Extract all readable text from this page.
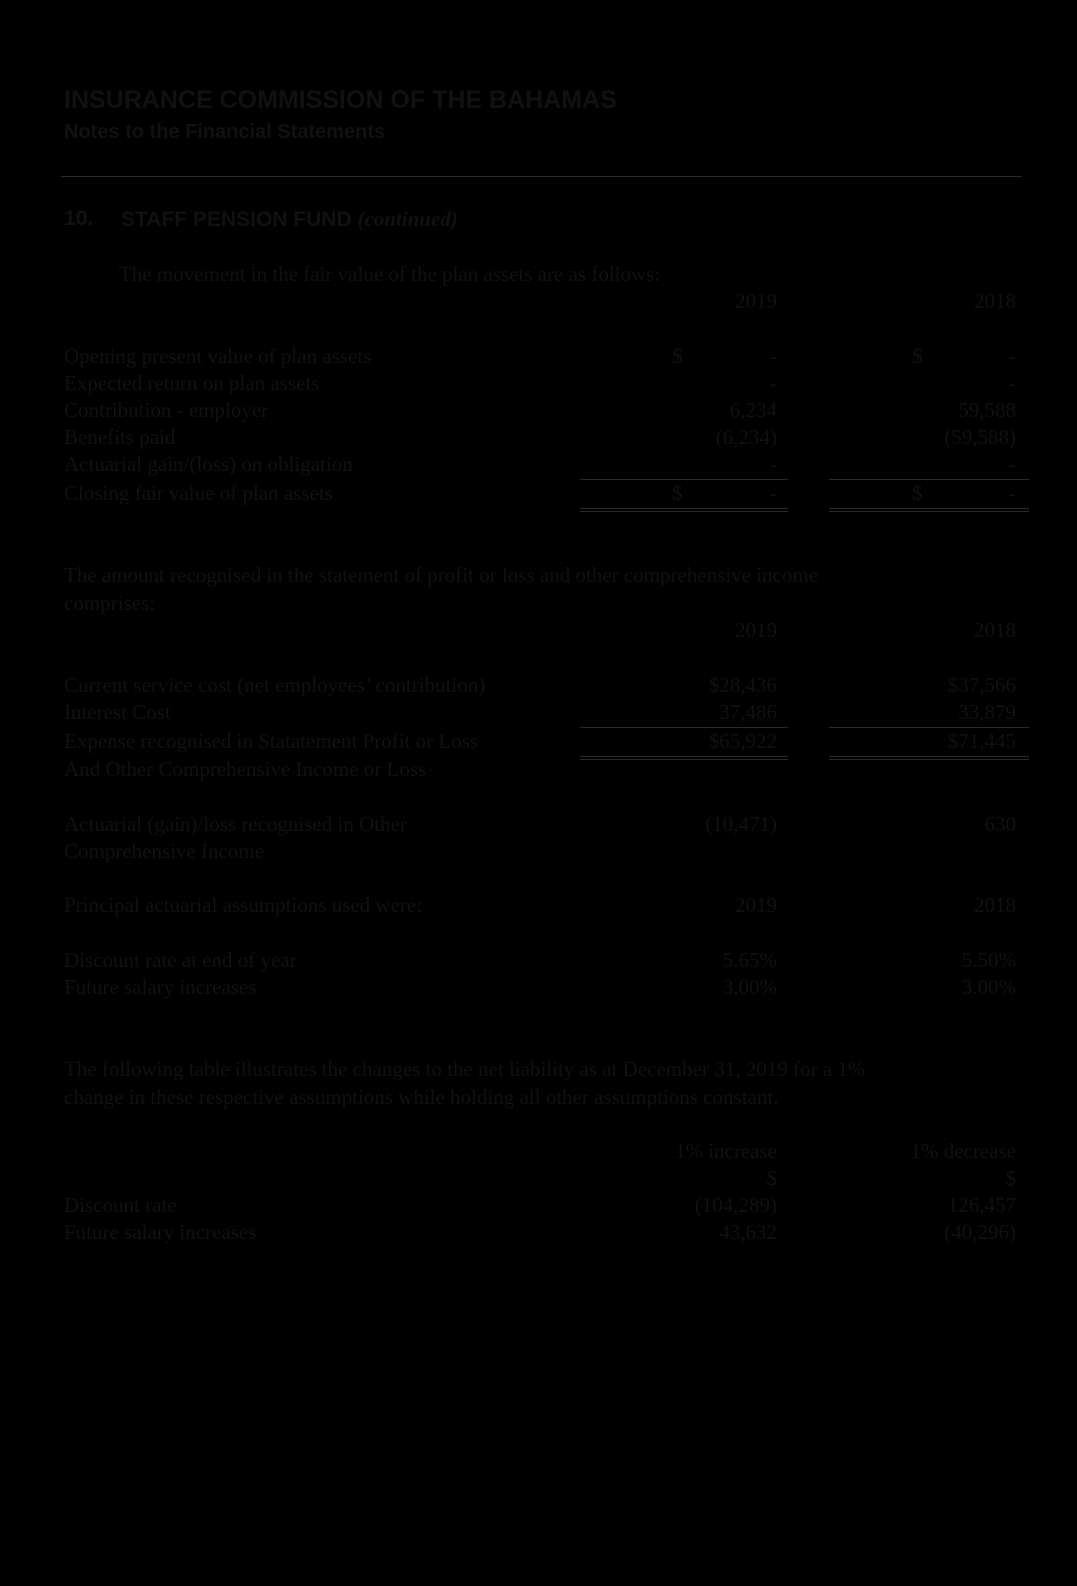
INSURANCE COMMISSION OF THE BAHAMAS
Notes to the Financial Statements
10. STAFF PENSION FUND (continued)
The movement in the fair value of the plan assets are as follows:
2019	2018
Opening present value of plan assets	$	-	$	-
Expected return on plan assets	-	-
Contribution - employer	6,234	59,588
Benefits paid	(6,234)	(59,588)
Actuarial gain/(loss) on obligation	-	-
Closing fair value of plan assets	$	-	$	-
The amount recognised in the statement of profit or loss and other comprehensive income
comprises:
2019	2018
Current service cost (net employees’ contribution)	$28,436	$37,566
Interest Cost	37,486	33,879
Expense recognised in Statatement Profit or Loss	$65,922	$71,445
And Other Comprehensive Income or Loss
Actuarial (gain)/loss recognised in Other	(10,471)	630
Comprehensive Income
Principal actuarial assumptions used were:	2019	2018
Discount rate at end of year	5.65%	5.50%
Future salary increases	3.00%	3.00%
The following table illustrates the changes to the net liability as at December 31, 2019 for a 1%
change in these respective assumptions while holding all other assumptions constant.
1% increase	1% decrease
$	$
Discount rate	(104,289)	126,457
Future salary increases	43,632	(40,296)
